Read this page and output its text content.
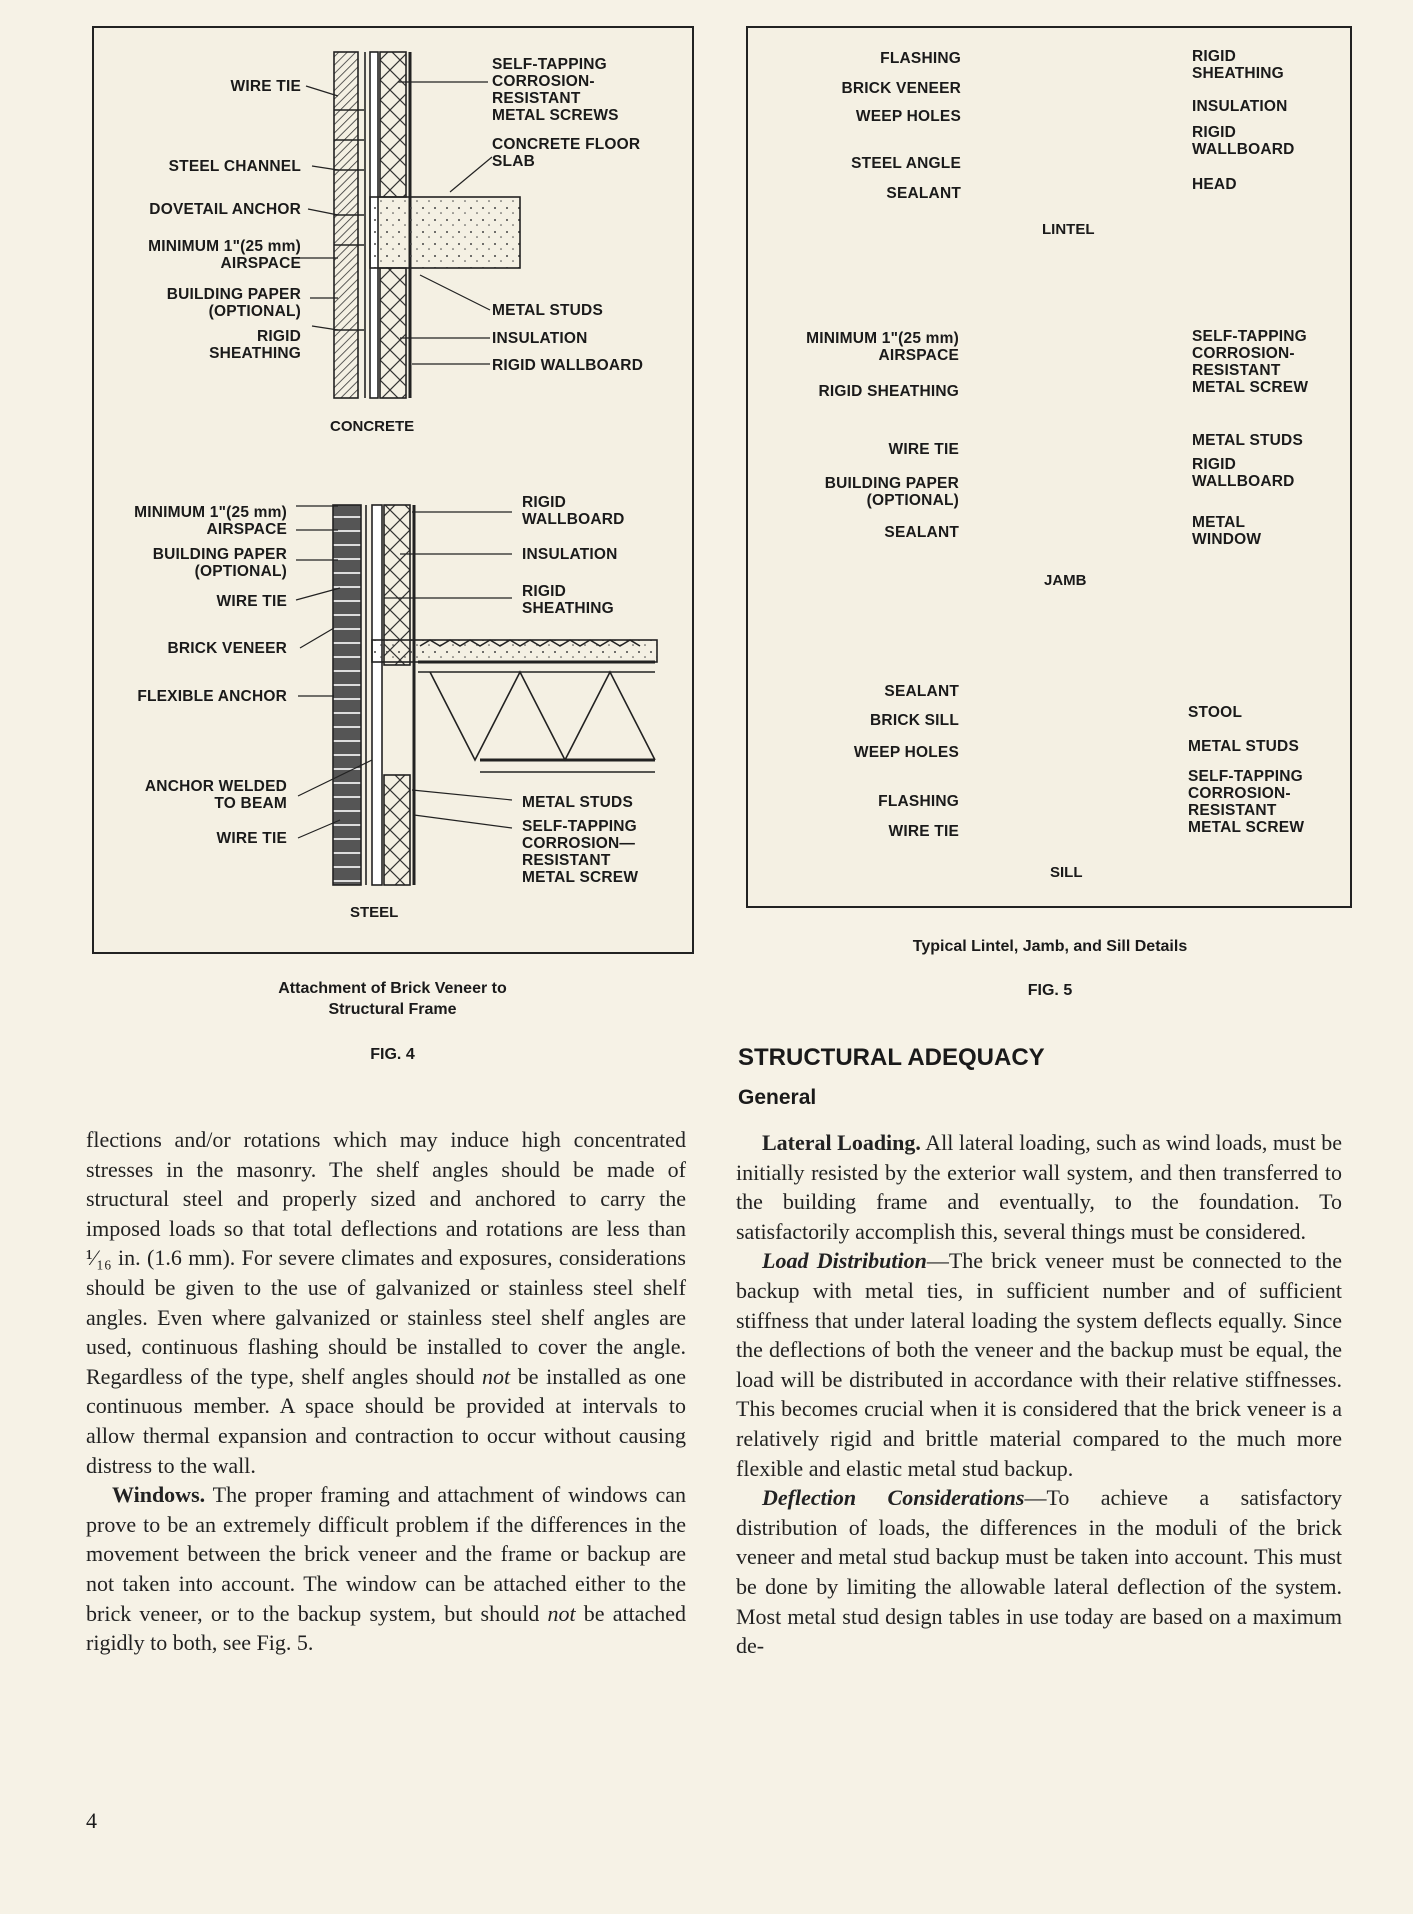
WIRE TIE
STEEL CHANNEL
DOVETAIL ANCHOR
MINIMUM 1"(25 mm)
AIRSPACE
BUILDING PAPER
(OPTIONAL)
RIGID
SHEATHING
SELF-TAPPING
CORROSION-
RESISTANT
METAL SCREWS
CONCRETE FLOOR
SLAB
METAL STUDS
INSULATION
RIGID WALLBOARD
CONCRETE
MINIMUM 1"(25 mm)
AIRSPACE
BUILDING PAPER
(OPTIONAL)
WIRE TIE
BRICK VENEER
FLEXIBLE ANCHOR
ANCHOR WELDED
TO BEAM
WIRE TIE
RIGID
WALLBOARD
INSULATION
RIGID
SHEATHING
METAL STUDS
SELF-TAPPING
CORROSION—
RESISTANT
METAL SCREW
STEEL
Attachment of Brick Veneer to
Structural Frame
FIG. 4
FLASHING
BRICK VENEER
WEEP HOLES
STEEL ANGLE
SEALANT
RIGID
SHEATHING
INSULATION
RIGID
WALLBOARD
HEAD
LINTEL
MINIMUM 1"(25 mm)
AIRSPACE
RIGID SHEATHING
WIRE TIE
BUILDING PAPER
(OPTIONAL)
SEALANT
SELF-TAPPING
CORROSION-
RESISTANT
METAL SCREW
METAL STUDS
RIGID
WALLBOARD
METAL
WINDOW
JAMB
SEALANT
BRICK SILL
WEEP HOLES
FLASHING
WIRE TIE
STOOL
METAL STUDS
SELF-TAPPING
CORROSION-
RESISTANT
METAL SCREW
SILL
Typical Lintel, Jamb, and Sill Details
FIG. 5

flections and/or rotations which may induce high concentrated stresses in the masonry. The shelf angles should be made of structural steel and properly sized and anchored to carry the imposed loads so that total deflections and rotations are less than ¹⁄₁₆ in. (1.6 mm). For severe climates and exposures, considerations should be given to the use of galvanized or stainless steel shelf angles. Even where galvanized or stainless steel shelf angles are used, continuous flashing should be installed to cover the angle. Regardless of the type, shelf angles should not be installed as one continuous member. A space should be provided at intervals to allow thermal expansion and contraction to occur without causing distress to the wall.

Windows. The proper framing and attachment of windows can prove to be an extremely difficult problem if the differences in the movement between the brick veneer and the frame or backup are not taken into account. The window can be attached either to the brick veneer, or to the backup system, but should not be attached rigidly to both, see Fig. 5.

STRUCTURAL ADEQUACY
General

Lateral Loading. All lateral loading, such as wind loads, must be initially resisted by the exterior wall system, and then transferred to the building frame and eventually, to the foundation. To satisfactorily accomplish this, several things must be considered.

Load Distribution—The brick veneer must be connected to the backup with metal ties, in sufficient number and of sufficient stiffness that under lateral loading the system deflects equally. Since the deflections of both the veneer and the backup must be equal, the load will be distributed in accordance with their relative stiffnesses. This becomes crucial when it is considered that the brick veneer is a relatively rigid and brittle material compared to the much more flexible and elastic metal stud backup.

Deflection Considerations—To achieve a satisfactory distribution of loads, the differences in the moduli of the brick veneer and metal stud backup must be taken into account. This must be done by limiting the allowable lateral deflection of the system. Most metal stud design tables in use today are based on a maximum de-

4
